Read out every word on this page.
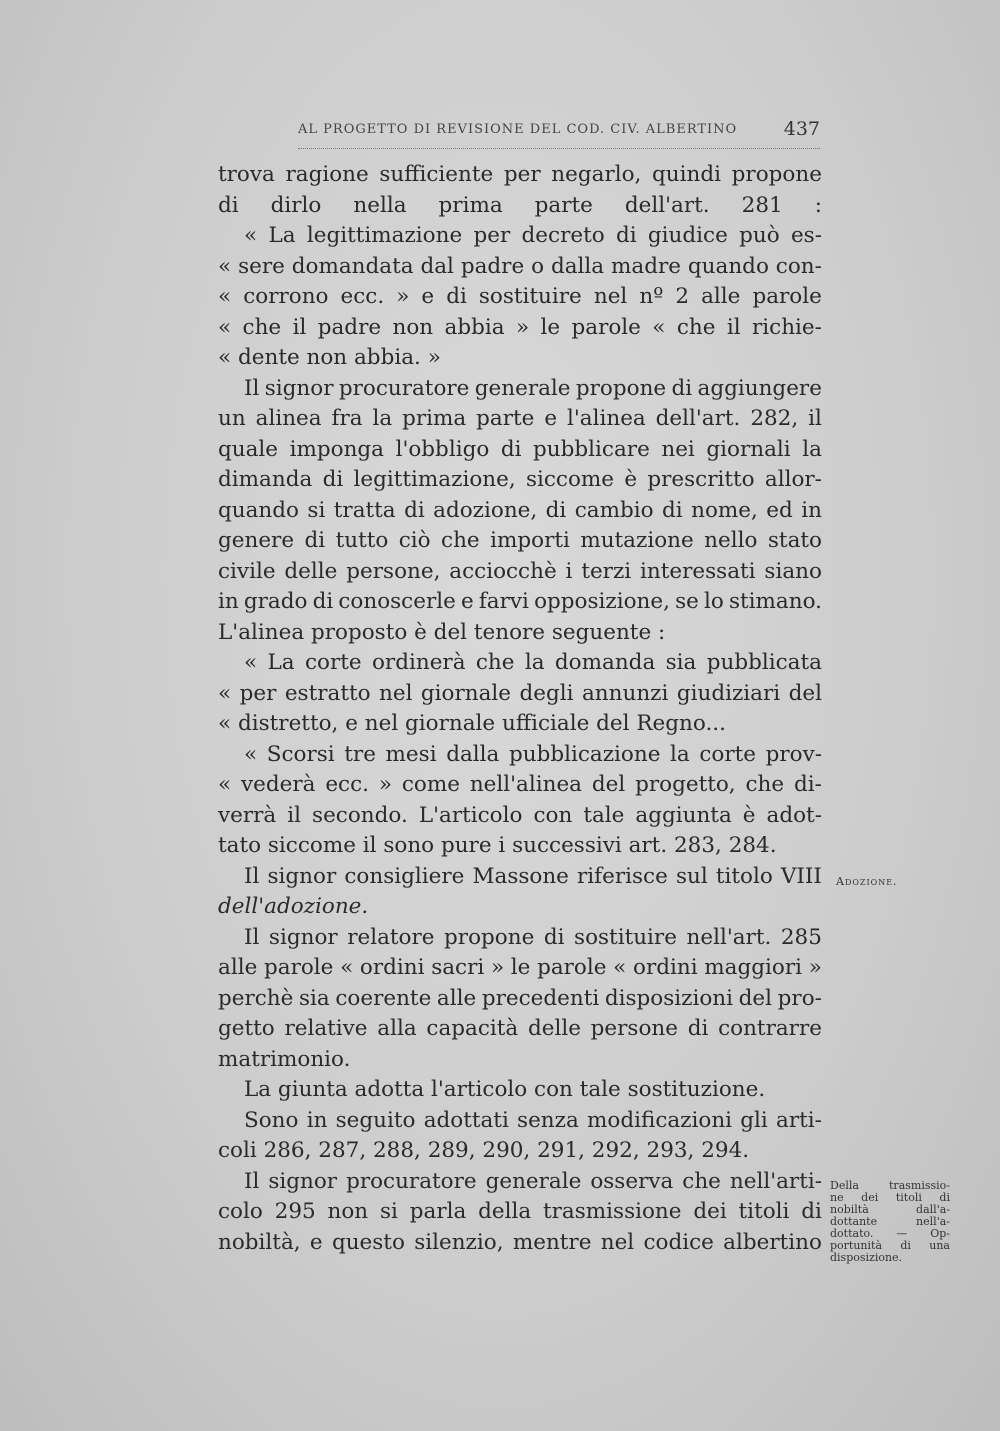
AL PROGETTO DI REVISIONE DEL COD. CIV. ALBERTINO 437
trova ragione sufficiente per negarlo, quindi propone
di dirlo nella prima parte dell'art. 281 :
« La legittimazione per decreto di giudice può es-
« sere domandata dal padre o dalla madre quando con-
« corrono ecc. » e di sostituire nel nº 2 alle parole
« che il padre non abbia » le parole « che il richie-
« dente non abbia. »
Il signor procuratore generale propone di aggiungere
un alinea fra la prima parte e l'alinea dell'art. 282, il
quale imponga l'obbligo di pubblicare nei giornali la
dimanda di legittimazione, siccome è prescritto allor-
quando si tratta di adozione, di cambio di nome, ed in
genere di tutto ciò che importi mutazione nello stato
civile delle persone, acciocchè i terzi interessati siano
in grado di conoscerle e farvi opposizione, se lo stimano.
L'alinea proposto è del tenore seguente :
« La corte ordinerà che la domanda sia pubblicata
« per estratto nel giornale degli annunzi giudiziari del
« distretto, e nel giornale ufficiale del Regno...
« Scorsi tre mesi dalla pubblicazione la corte prov-
« vederà ecc. » come nell'alinea del progetto, che di-
verrà il secondo. L'articolo con tale aggiunta è adot-
tato siccome il sono pure i successivi art. 283, 284.
Il signor consigliere Massone riferisce sul titolo VIII
dell'adozione.
Il signor relatore propone di sostituire nell'art. 285
alle parole « ordini sacri » le parole « ordini maggiori »
perchè sia coerente alle precedenti disposizioni del pro-
getto relative alla capacità delle persone di contrarre
matrimonio.
La giunta adotta l'articolo con tale sostituzione.
Sono in seguito adottati senza modificazioni gli arti-
coli 286, 287, 288, 289, 290, 291, 292, 293, 294.
Il signor procuratore generale osserva che nell'arti-
colo 295 non si parla della trasmissione dei titoli di
nobiltà, e questo silenzio, mentre nel codice albertino
Adozione.
Della trasmissio-
ne dei titoli di
nobiltà dall'a-
dottante nell'a-
dottato. — Op-
portunità di una
disposizione.
